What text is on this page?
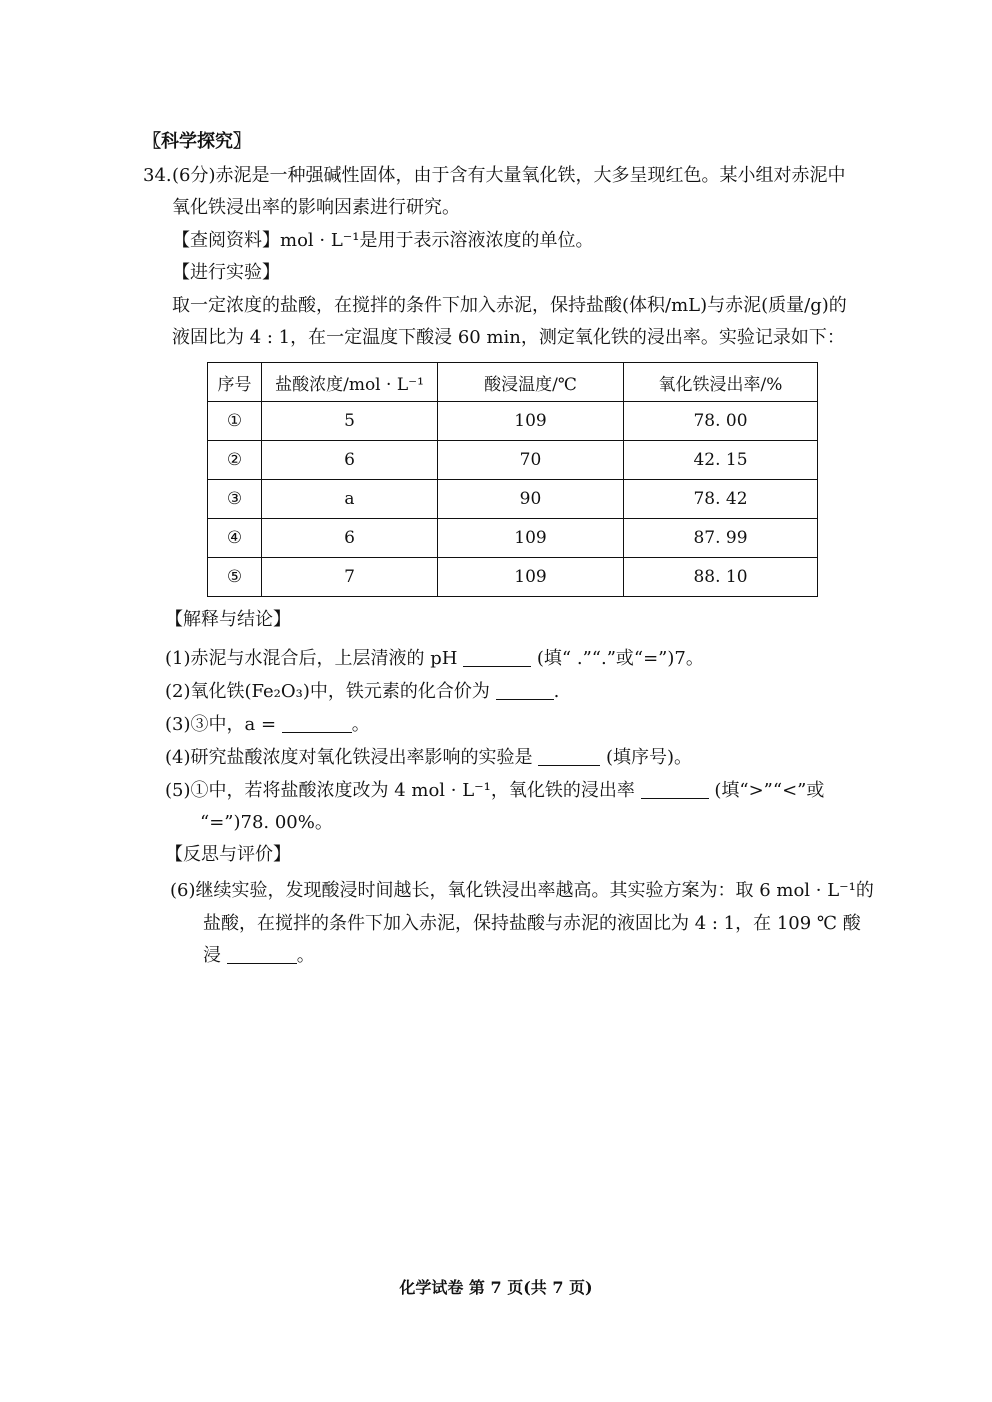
〖科学探究〗
34. (6分)赤泥是一种强碱性固体，由于含有大量氧化铁，大多呈现红色。某小组对赤泥中
氧化铁浸出率的影响因素进行研究。
【查阅资料】mol · L⁻¹是用于表示溶液浓度的单位。
【进行实验】
取一定浓度的盐酸，在搅拌的条件下加入赤泥，保持盐酸(体积/mL)与赤泥(质量/g)的
液固比为 4 : 1，在一定温度下酸浸 60 min，测定氧化铁的浸出率。实验记录如下：
序号	盐酸浓度/mol · L⁻¹	酸浸温度/℃	氧化铁浸出率/%
①	5	109	78. 00
②	6	70	42. 15
③	a	90	78. 42
④	6	109	87. 99
⑤	7	109	88. 10
【解释与结论】
(1)赤泥与水混合后，上层清液的 pH	(填“ .”“.”或“=”)7。
(2)氧化铁(Fe₂O₃)中，铁元素的化合价为	.
(3)③中，a =	。
(4)研究盐酸浓度对氧化铁浸出率影响的实验是	(填序号)。
(5)①中，若将盐酸浓度改为 4 mol · L⁻¹，氧化铁的浸出率	(填“>”“<”或
“=”)78. 00%。
【反思与评价】
(6)继续实验，发现酸浸时间越长，氧化铁浸出率越高。其实验方案为：取 6 mol · L⁻¹的
盐酸，在搅拌的条件下加入赤泥，保持盐酸与赤泥的液固比为 4 : 1，在 109 ℃ 酸
浸	。
化学试卷 第 7 页(共 7 页)
